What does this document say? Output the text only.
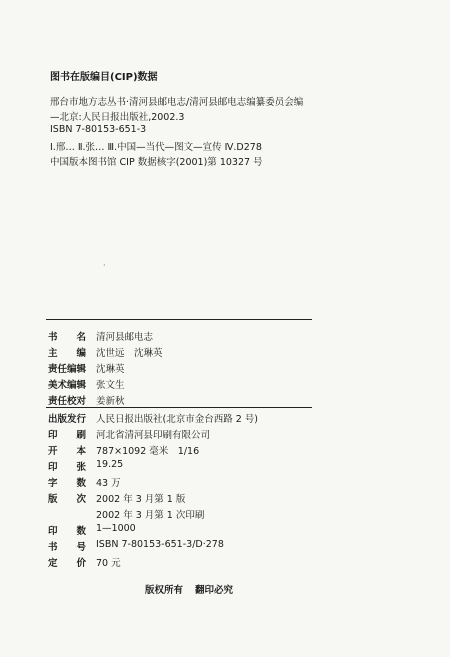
图书在版编目(CIP)数据
邢台市地方志丛书·清河县邮电志/清河县邮电志编纂委员会编
—北京:人民日报出版社,2002.3
ISBN 7-80153-651-3
Ⅰ.邢… Ⅱ.张… Ⅲ.中国—当代—图文—宣传 Ⅳ.D278
中国版本图书馆 CIP 数据核字(2001)第 10327 号
·
书　　名	清河县邮电志
主　　编	沈世远　沈琳英
责任编辑	沈琳英
美术编辑	张文生
责任校对	姜新秋
出版发行	人民日报出版社(北京市金台西路 2 号)
印　　刷	河北省清河县印刷有限公司
开　　本	787×1092 毫米　1/16
印　　张	19.25
字　　数	43 万
版　　次	2002 年 3 月第 1 版
2002 年 3 月第 1 次印刷
印　　数	1—1000
书　　号	ISBN 7-80153-651-3/D·278
定　　价	70 元
版权所有 翻印必究
